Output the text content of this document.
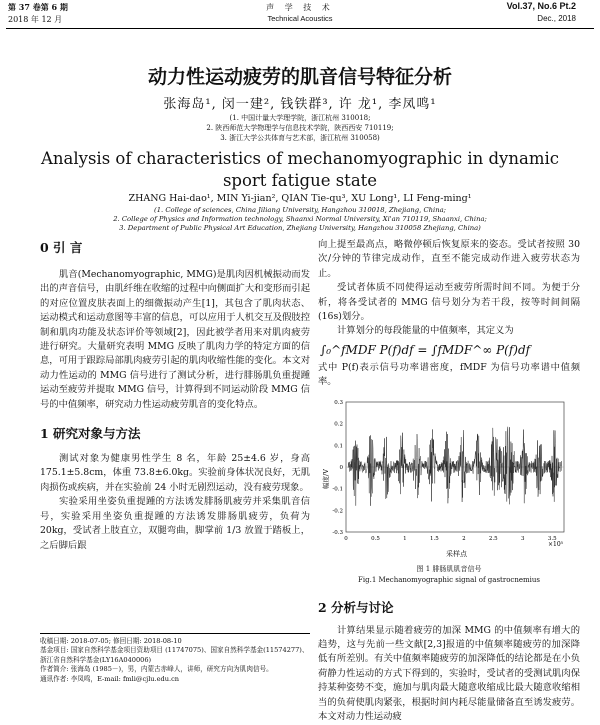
第 37 卷第 6 期
2018 年 12 月
声 学 技 术
Technical Acoustics
Vol.37, No.6 Pt.2
Dec., 2018
动力性运动疲劳的肌音信号特征分析
张海岛¹, 闵一建², 钱铁群³, 许 龙¹, 李凤鸣¹
(1. 中国计量大学理学院，浙江杭州 310018;
2. 陕西师范大学物理学与信息技术学院，陕西西安 710119;
3. 浙江大学公共体育与艺术部，浙江杭州 310058)
Analysis of characteristics of mechanomyographic in dynamic
sport fatigue state
ZHANG Hai-dao¹, MIN Yi-jian², QIAN Tie-qu³, XU Long¹, LI Feng-ming¹
(1. College of sciences, China Jiliang University, Hangzhou 310018, Zhejiang, China;
2. College of Physics and Information technology, Shaanxi Normal University, Xi'an 710119, Shaanxi, China;
3. Department of Public Physical Art Education, Zhejiang University, Hangzhou 310058 Zhejiang, China)
0 引 言

肌音(Mechanomyographic, MMG)是肌肉因机械振动而发出的声音信号，由肌纤维在收缩的过程中向侧面扩大和变形而引起的对应位置皮肤表面上的细微振动产生[1]，其包含了肌肉状态、运动模式和运动意图等丰富的信息，可以应用于人机交互及假肢控制和肌肉功能及状态评价等领域[2]，因此被学者用来对肌肉疲劳进行研究。大量研究表明 MMG 反映了肌肉力学的特定方面的信息，可用于跟踪局部肌肉疲劳引起的肌肉收缩性能的变化。本文对动力性运动的 MMG 信号进行了测试分析，进行腓肠肌负重提踵运动至疲劳并提取 MMG 信号，计算得到不同运动阶段 MMG 信号的中值频率，研究动力性运动疲劳肌音的变化特点。

1 研究对象与方法

测试对象为健康男性学生 8 名，年龄 25±4.6 岁，身高 175.1±5.8cm，体重 73.8±6.0kg。实验前身体状况良好，无肌肉损伤或疾病，并在实验前 24 小时无剧烈运动，没有疲劳现象。

实验采用坐姿负重提踵的方法诱发腓肠肌疲劳并采集肌音信号，实验采用坐姿负重提踵的方法诱发腓肠肌疲劳，负荷为20kg，受试者上肢直立，双腿弯曲，脚掌前 1/3 放置于踏板上，之后脚后跟

向上提至最高点，略微停顿后恢复原来的姿态。受试者按照 30 次/分钟的节律完成动作，直至不能完成动作进入疲劳状态为止。

受试者体质不同使得运动至疲劳所需时间不同。为便于分析，将各受试者的 MMG 信号划分为若干段，按等时间间隔(16s)划分。

计算划分的每段能量的中值频率，其定义为

∫₀^fMDF P(f)df = ∫fMDF^∞ P(f)df

式中 P(f)表示信号功率谱密度，fMDF 为信号功率谱中值频率。

0.3
0.2
0.1
0
-0.1
-0.2
-0.3
0	0.5	1	1.5	2	2.5	3	3.5
幅度/V
采样点
×10⁵
图 1 腓肠肌肌音信号
Fig.1 Mechanomyographic signal of gastrocnemius
2 分析与讨论

计算结果显示随着疲劳的加深 MMG 的中值频率有增大的趋势，这与先前一些文献[2,3]报道的中值频率随疲劳的加深降低有所差别。有关中值频率随疲劳的加深降低的结论都是在小负荷静力性运动的方式下得到的，实验时，受试者的受测试肌肉保持某种姿势不变，施加与肌肉最大随意收缩成比最大随意收缩相当的负荷使肌肉紧张，根据时间内耗尽能量储备直至诱发疲劳。本文对动力性运动疲

收稿日期: 2018-07-05; 修回日期: 2018-08-10

基金项目: 国家自然科学基金项目资助项目 (11747075)、国家自然科学基金(11574277)、浙江省自然科学基金(LY16A040006)

作者简介: 张海岛 (1985－)，男，内蒙古赤峰人，讲师，研究方向为肌肉信号。

通讯作者: 李凤鸣，E-mail: fmli@cjlu.edu.cn
